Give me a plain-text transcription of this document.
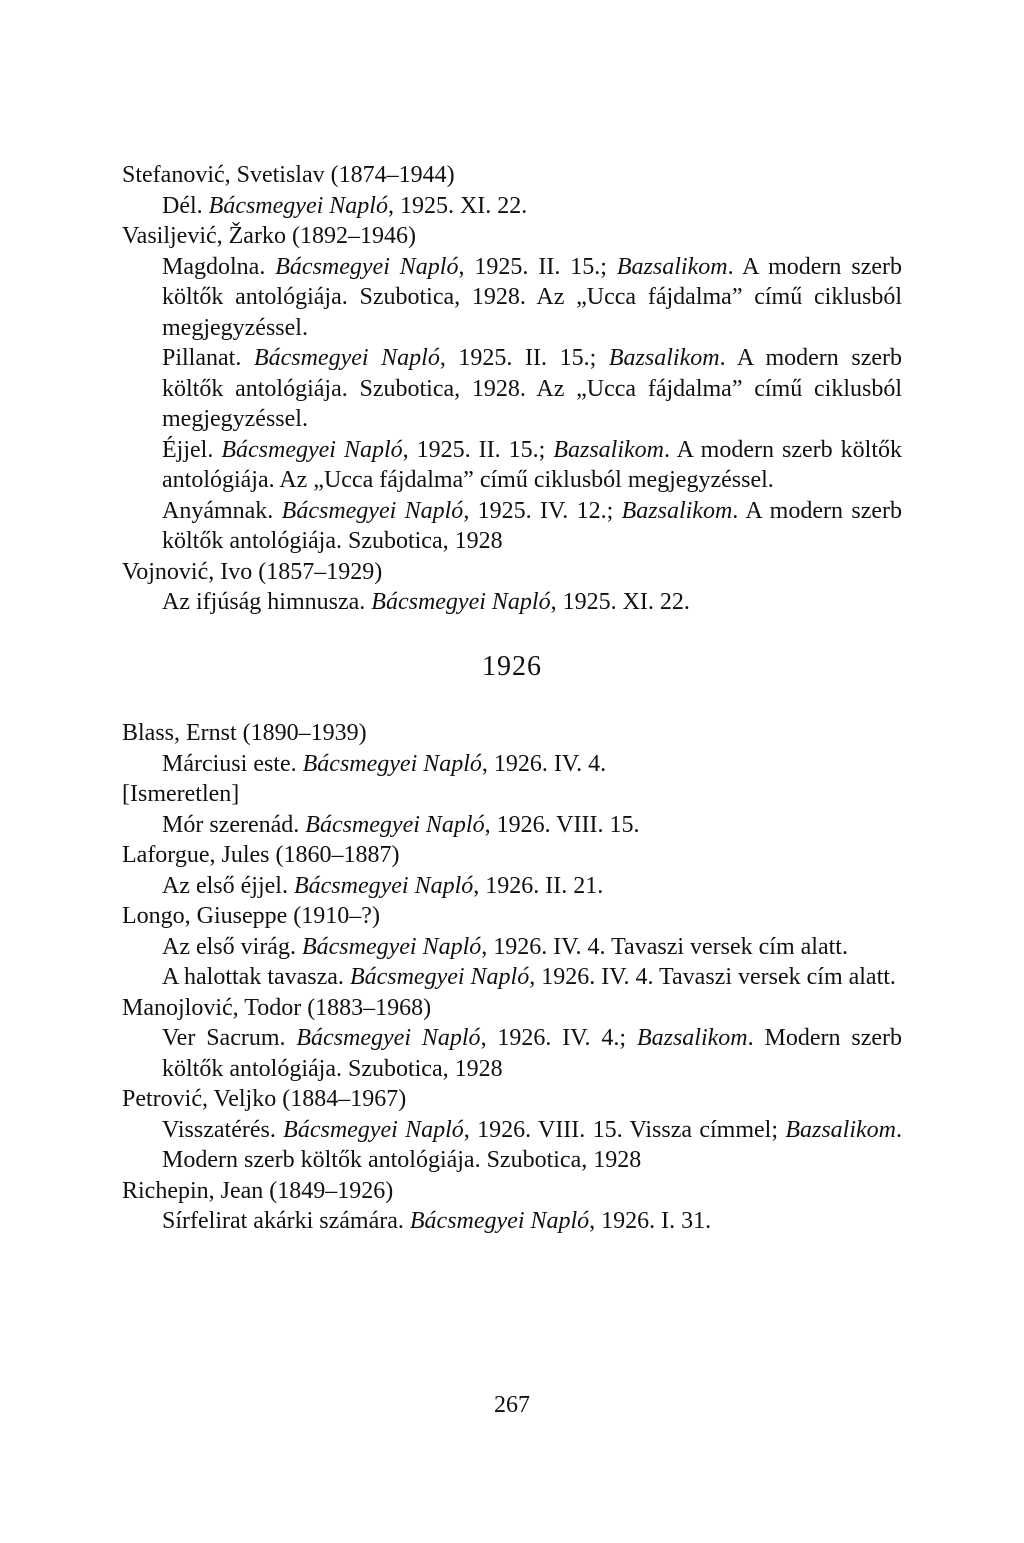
Stefanović, Svetislav (1874–1944)

Dél. Bácsmegyei Napló, 1925. XI. 22.

Vasiljević, Žarko (1892–1946)

Magdolna. Bácsmegyei Napló, 1925. II. 15.; Bazsalikom. A modern szerb költők antológiája. Szubotica, 1928. Az „Ucca fájdalma” című ciklusból megjegyzéssel.

Pillanat. Bácsmegyei Napló, 1925. II. 15.; Bazsalikom. A modern szerb költők antológiája. Szubotica, 1928. Az „Ucca fájdalma” című ciklusból megjegyzéssel.

Éjjel. Bácsmegyei Napló, 1925. II. 15.; Bazsalikom. A modern szerb költők antológiája. Az „Ucca fájdalma” című ciklusból megjegyzéssel.

Anyámnak. Bácsmegyei Napló, 1925. IV. 12.; Bazsalikom. A modern szerb költők antológiája. Szubotica, 1928

Vojnović, Ivo (1857–1929)

Az ifjúság himnusza. Bácsmegyei Napló, 1925. XI. 22.

1926

Blass, Ernst (1890–1939)

Márciusi este. Bácsmegyei Napló, 1926. IV. 4.

[Ismeretlen]

Mór szerenád. Bácsmegyei Napló, 1926. VIII. 15.

Laforgue, Jules (1860–1887)

Az első éjjel. Bácsmegyei Napló, 1926. II. 21.

Longo, Giuseppe (1910–?)

Az első virág. Bácsmegyei Napló, 1926. IV. 4. Tavaszi versek cím alatt.

A halottak tavasza. Bácsmegyei Napló, 1926. IV. 4. Tavaszi versek cím alatt.

Manojlović, Todor (1883–1968)

Ver Sacrum. Bácsmegyei Napló, 1926. IV. 4.; Bazsalikom. Modern szerb költők antológiája. Szubotica, 1928

Petrović, Veljko (1884–1967)

Visszatérés. Bácsmegyei Napló, 1926. VIII. 15. Vissza címmel; Bazsalikom. Modern szerb költők antológiája. Szubotica, 1928

Richepin, Jean (1849–1926)

Sírfelirat akárki számára. Bácsmegyei Napló, 1926. I. 31.

267
